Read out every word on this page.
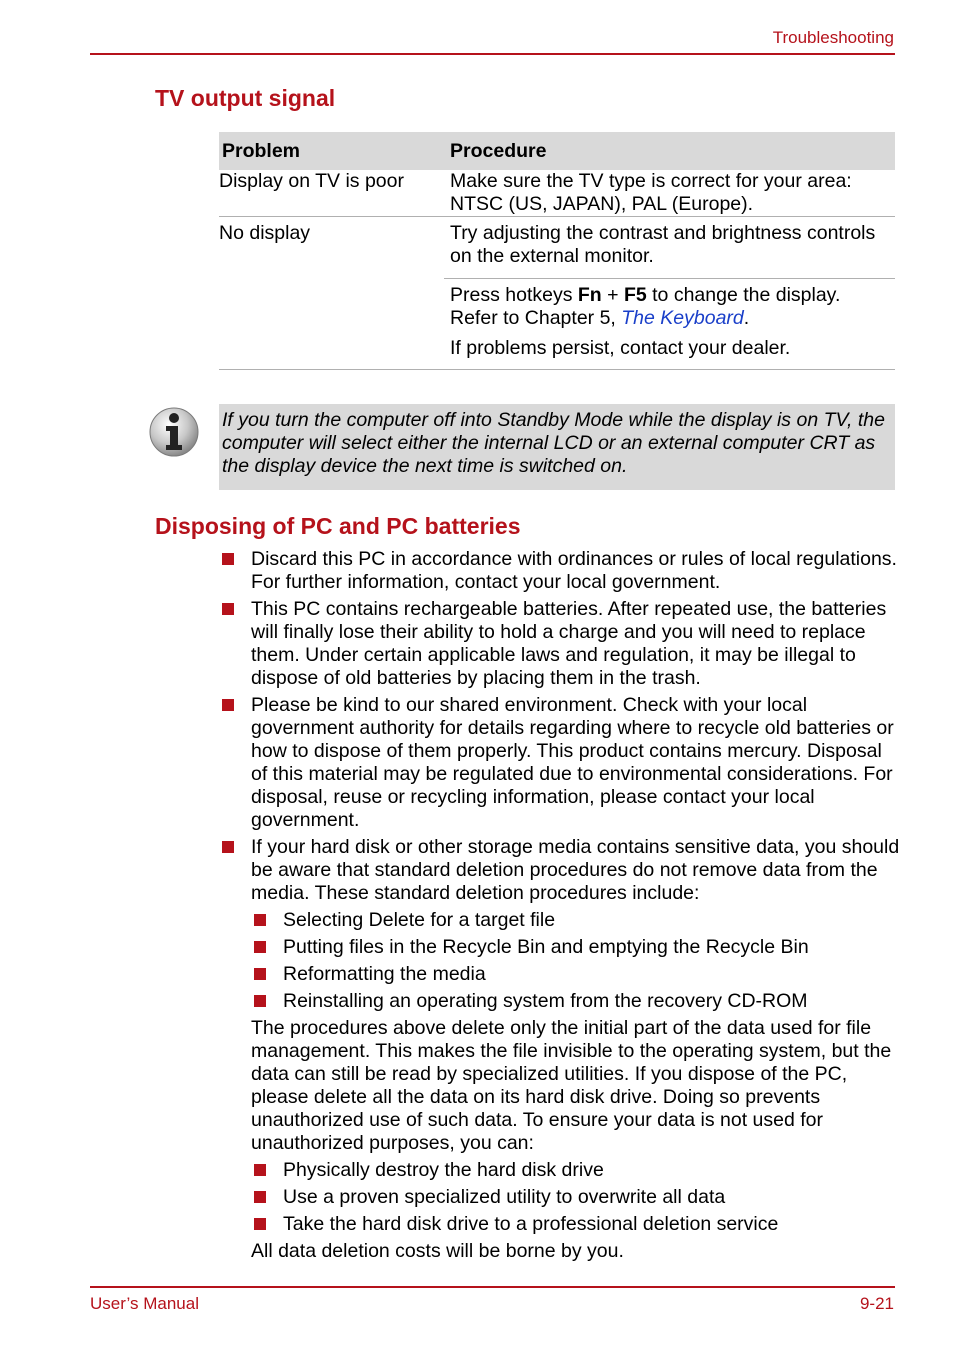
Troubleshooting
TV output signal
Problem	Procedure
Display on TV is poor	Make sure the TV type is correct for your area: NTSC (US, JAPAN), PAL (Europe).
No display	Try adjusting the contrast and brightness controls on the external monitor.
Press hotkeys Fn + F5 to change the display.
Refer to Chapter 5, The Keyboard.
If problems persist, contact your dealer.
If you turn the computer off into Standby Mode while the display is on TV, the computer will select either the internal LCD or an external computer CRT as the display device the next time is switched on.
Disposing of PC and PC batteries
Discard this PC in accordance with ordinances or rules of local regulations. For further information, contact your local government.
This PC contains rechargeable batteries. After repeated use, the batteries will finally lose their ability to hold a charge and you will need to replace them. Under certain applicable laws and regulation, it may be illegal to dispose of old batteries by placing them in the trash.
Please be kind to our shared environment. Check with your local government authority for details regarding where to recycle old batteries or how to dispose of them properly. This product contains mercury. Disposal of this material may be regulated due to environmental considerations. For disposal, reuse or recycling information, please contact your local government.
If your hard disk or other storage media contains sensitive data, you should be aware that standard deletion procedures do not remove data from the media. These standard deletion procedures include:
Selecting Delete for a target file
Putting files in the Recycle Bin and emptying the Recycle Bin
Reformatting the media
Reinstalling an operating system from the recovery CD-ROM
The procedures above delete only the initial part of the data used for file management. This makes the file invisible to the operating system, but the data can still be read by specialized utilities. If you dispose of the PC, please delete all the data on its hard disk drive. Doing so prevents unauthorized use of such data. To ensure your data is not used for unauthorized purposes, you can:
Physically destroy the hard disk drive
Use a proven specialized utility to overwrite all data
Take the hard disk drive to a professional deletion service
All data deletion costs will be borne by you.
User’s Manual	9-21
